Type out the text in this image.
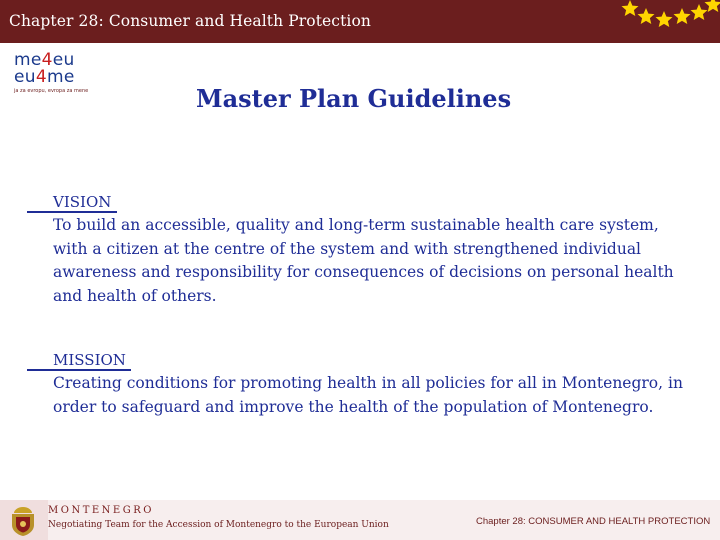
Chapter 28: Consumer and Health Protection
me4eu
eu4me
ja za evropu, evropa za mene	Master Plan Guidelines
VISION
To build an accessible, quality and long-term sustainable health care system, with a citizen at the centre of the system and with strengthened individual awareness and responsibility for consequences of decisions on personal health and health of others.
MISSION
Creating conditions for promoting health in all policies for all in Montenegro, in order to safeguard and improve the health of the population of Montenegro.
MONTENEGRO
Negotiating Team for the Accession of Montenegro to the European Union	Chapter 28: CONSUMER AND HEALTH PROTECTION
